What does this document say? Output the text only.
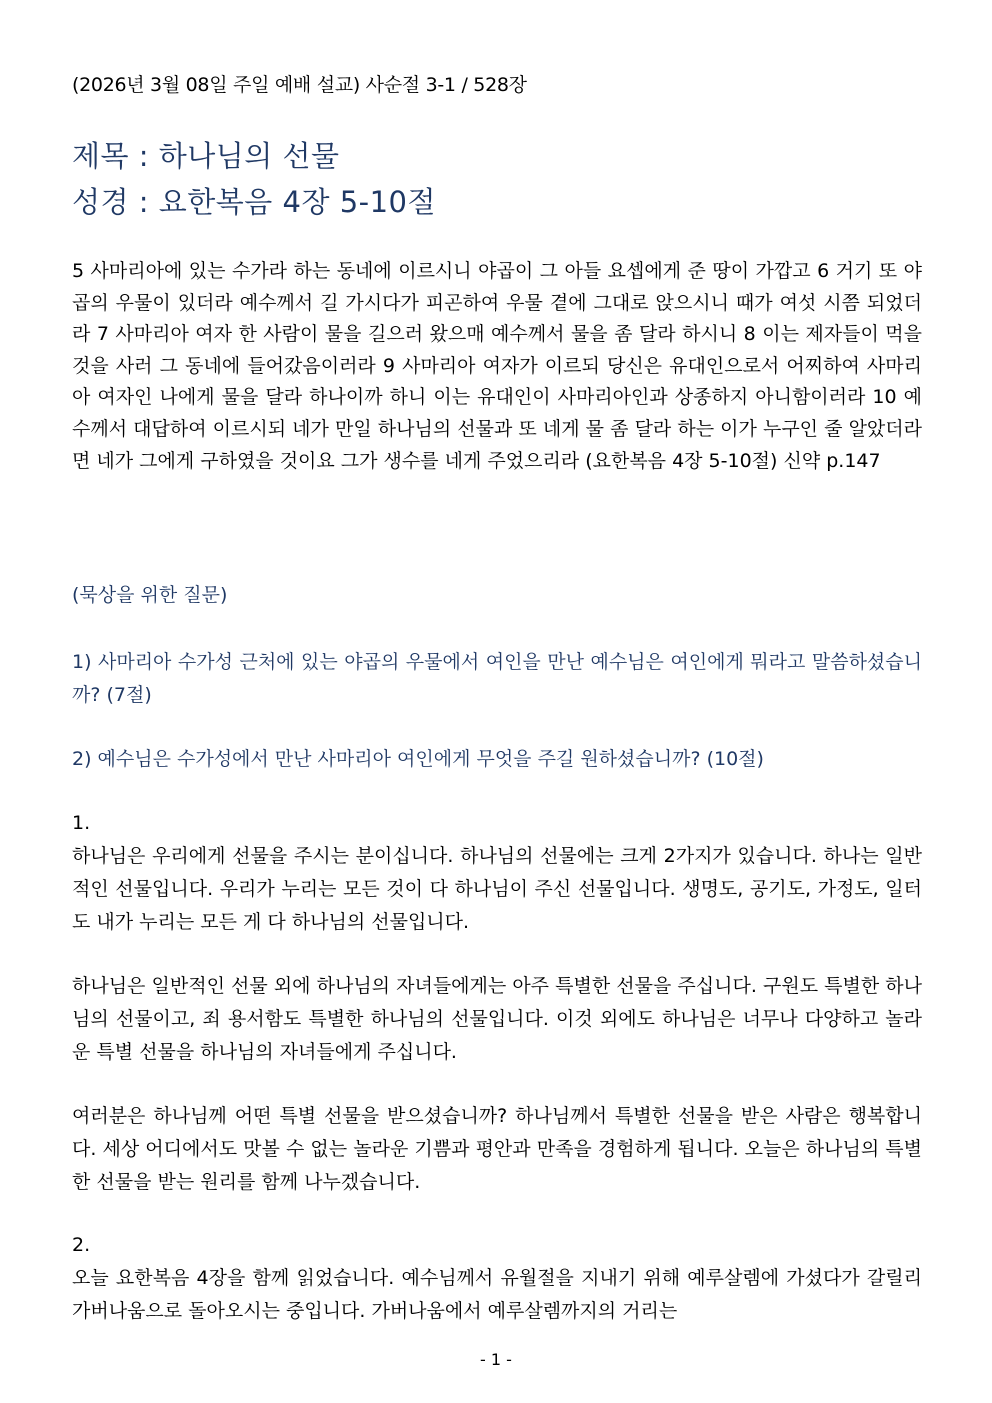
(2026년 3월 08일 주일 예배 설교) 사순절 3-1 / 528장
제목 : 하나님의 선물
성경 : 요한복음 4장 5-10절
5 사마리아에 있는 수가라 하는 동네에 이르시니 야곱이 그 아들 요셉에게 준 땅이 가깝고 6 거기 또 야곱의 우물이 있더라 예수께서 길 가시다가 피곤하여 우물 곁에 그대로 앉으시니 때가 여섯 시쯤 되었더라 7 사마리아 여자 한 사람이 물을 길으러 왔으매 예수께서 물을 좀 달라 하시니 8 이는 제자들이 먹을 것을 사러 그 동네에 들어갔음이러라 9 사마리아 여자가 이르되 당신은 유대인으로서 어찌하여 사마리아 여자인 나에게 물을 달라 하나이까 하니 이는 유대인이 사마리아인과 상종하지 아니함이러라 10 예수께서 대답하여 이르시되 네가 만일 하나님의 선물과 또 네게 물 좀 달라 하는 이가 누구인 줄 알았더라면 네가 그에게 구하였을 것이요 그가 생수를 네게 주었으리라 (요한복음 4장 5-10절) 신약 p.147
(묵상을 위한 질문)
1) 사마리아 수가성 근처에 있는 야곱의 우물에서 여인을 만난 예수님은 여인에게 뭐라고 말씀하셨습니까? (7절)
2) 예수님은 수가성에서 만난 사마리아 여인에게 무엇을 주길 원하셨습니까? (10절)
1.
하나님은 우리에게 선물을 주시는 분이십니다. 하나님의 선물에는 크게 2가지가 있습니다. 하나는 일반적인 선물입니다. 우리가 누리는 모든 것이 다 하나님이 주신 선물입니다. 생명도, 공기도, 가정도, 일터도 내가 누리는 모든 게 다 하나님의 선물입니다.
하나님은 일반적인 선물 외에 하나님의 자녀들에게는 아주 특별한 선물을 주십니다. 구원도 특별한 하나님의 선물이고, 죄 용서함도 특별한 하나님의 선물입니다. 이것 외에도 하나님은 너무나 다양하고 놀라운 특별 선물을 하나님의 자녀들에게 주십니다.
여러분은 하나님께 어떤 특별 선물을 받으셨습니까? 하나님께서 특별한 선물을 받은 사람은 행복합니다. 세상 어디에서도 맛볼 수 없는 놀라운 기쁨과 평안과 만족을 경험하게 됩니다. 오늘은 하나님의 특별한 선물을 받는 원리를 함께 나누겠습니다.
2.
오늘 요한복음 4장을 함께 읽었습니다. 예수님께서 유월절을 지내기 위해 예루살렘에 가셨다가 갈릴리 가버나움으로 돌아오시는 중입니다. 가버나움에서 예루살렘까지의 거리는
- 1 -
